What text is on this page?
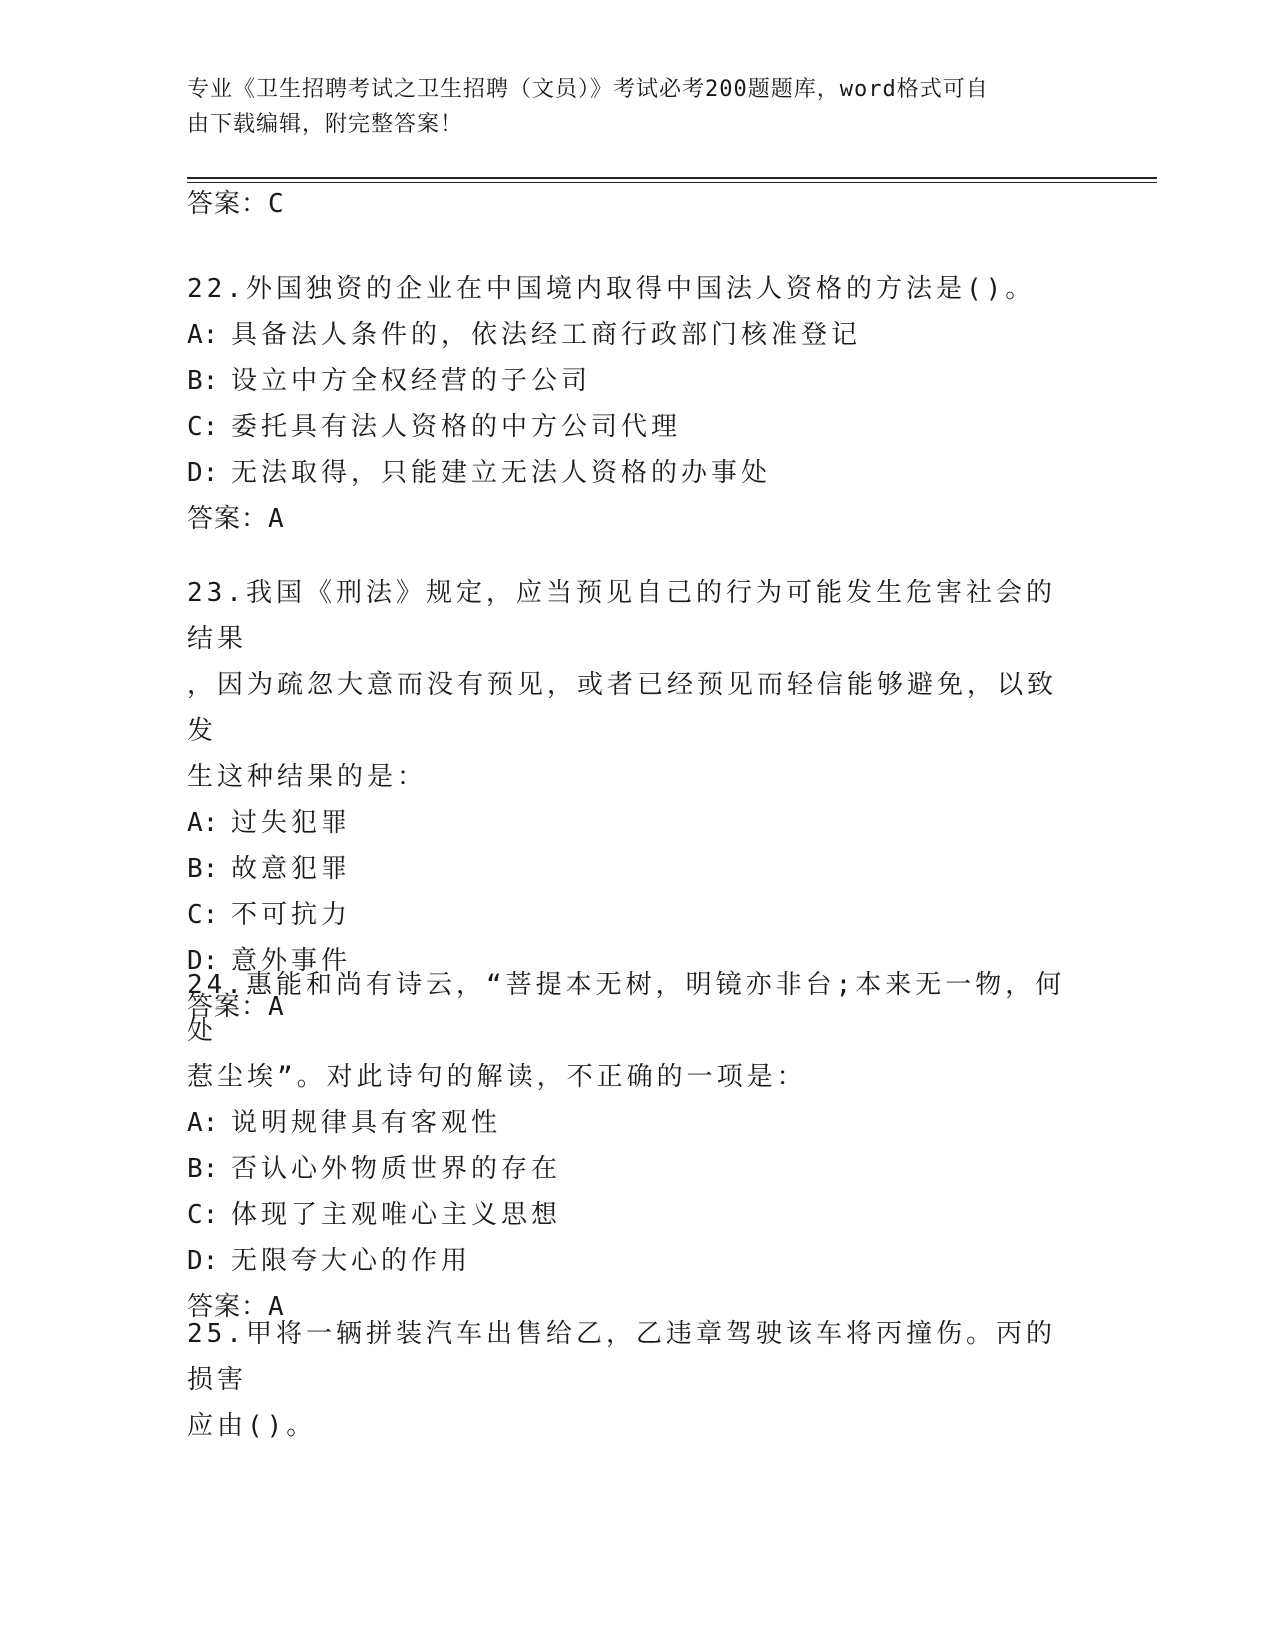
专业《卫生招聘考试之卫生招聘（文员）》考试必考200题题库，word格式可自
由下载编辑，附完整答案！
答案：C
22.外国独资的企业在中国境内取得中国法人资格的方法是()。
A: 具备法人条件的，依法经工商行政部门核准登记
B: 设立中方全权经营的子公司
C: 委托具有法人资格的中方公司代理
D: 无法取得，只能建立无法人资格的办事处
答案：A
23.我国《刑法》规定，应当预见自己的行为可能发生危害社会的结果
，因为疏忽大意而没有预见，或者已经预见而轻信能够避免，以致发
生这种结果的是：
A: 过失犯罪
B: 故意犯罪
C: 不可抗力
D: 意外事件
答案：A
24.惠能和尚有诗云，“菩提本无树，明镜亦非台;本来无一物，何处
惹尘埃”。对此诗句的解读，不正确的一项是：
A: 说明规律具有客观性
B: 否认心外物质世界的存在
C: 体现了主观唯心主义思想
D: 无限夸大心的作用
答案：A
25.甲将一辆拼装汽车出售给乙，乙违章驾驶该车将丙撞伤。丙的损害
应由()。
